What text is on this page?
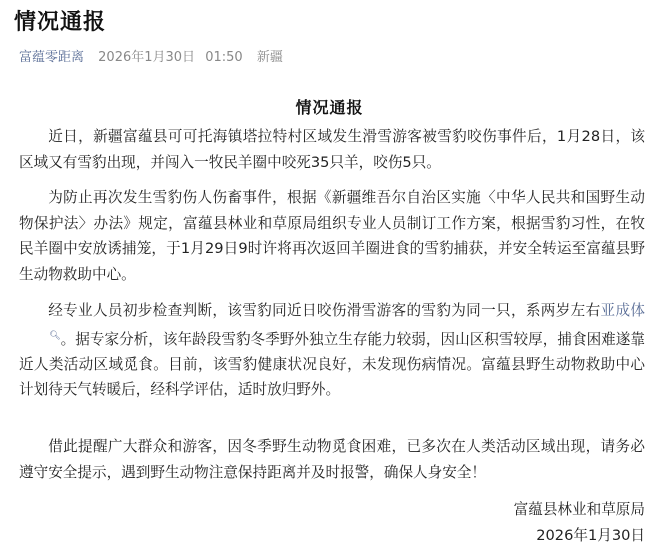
情况通报
富蕴零距离 2026年1月30日 01:50 新疆
情况通报

近日，新疆富蕴县可可托海镇塔拉特村区域发生滑雪游客被雪豹咬伤事件后，1月28日，该区域又有雪豹出现，并闯入一牧民羊圈中咬死35只羊，咬伤5只。

为防止再次发生雪豹伤人伤畜事件，根据《新疆维吾尔自治区实施〈中华人民共和国野生动物保护法〉办法》规定，富蕴县林业和草原局组织专业人员制订工作方案，根据雪豹习性，在牧民羊圈中安放诱捕笼，于1月29日9时许将再次返回羊圈进食的雪豹捕获，并安全转运至富蕴县野生动物救助中心。

经专业人员初步检查判断，该雪豹同近日咬伤滑雪游客的雪豹为同一只，系两岁左右亚成体🔍︎。据专家分析，该年龄段雪豹冬季野外独立生存能力较弱，因山区积雪较厚，捕食困难遂靠近人类活动区域觅食。目前，该雪豹健康状况良好，未发现伤病情况。富蕴县野生动物救助中心计划待天气转暖后，经科学评估，适时放归野外。

借此提醒广大群众和游客，因冬季野生动物觅食困难，已多次在人类活动区域出现，请务必遵守安全提示，遇到野生动物注意保持距离并及时报警，确保人身安全！

富蕴县林业和草原局
2026年1月30日
